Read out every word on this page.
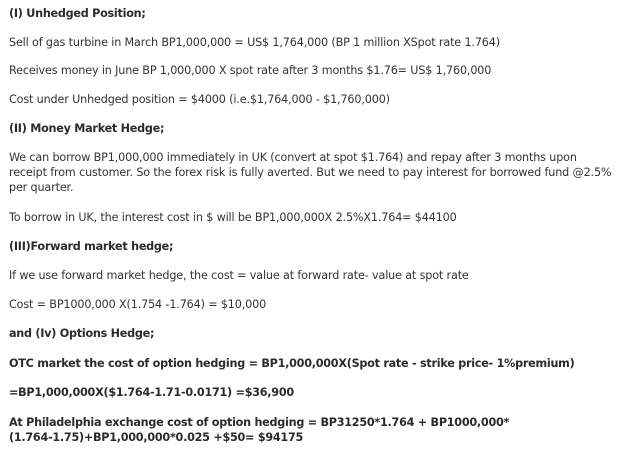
(I) Unhedged Position;
Sell of gas turbine in March BP1,000,000 = US$ 1,764,000 (BP 1 million XSpot rate 1.764)
Receives money in June BP 1,000,000 X spot rate after 3 months $1.76= US$ 1,760,000
Cost under Unhedged position = $4000 (i.e.$1,764,000 - $1,760,000)
(II) Money Market Hedge;
We can borrow BP1,000,000 immediately in UK (convert at spot $1.764) and repay after 3 months upon receipt from customer. So the forex risk is fully averted. But we need to pay interest for borrowed fund @2.5% per quarter.
To borrow in UK, the interest cost in $ will be BP1,000,000X 2.5%X1.764= $44100
(III)Forward market hedge;
If we use forward market hedge, the cost = value at forward rate- value at spot rate
Cost = BP1000,000 X(1.754 -1.764) = $10,000
and (Iv) Options Hedge;
OTC market the cost of option hedging = BP1,000,000X(Spot rate - strike price- 1%premium)
=BP1,000,000X($1.764-1.71-0.0171) =$36,900
At Philadelphia exchange cost of option hedging = BP31250*1.764 + BP1000,000*(1.764-1.75)+BP1,000,000*0.025 +$50= $94175
